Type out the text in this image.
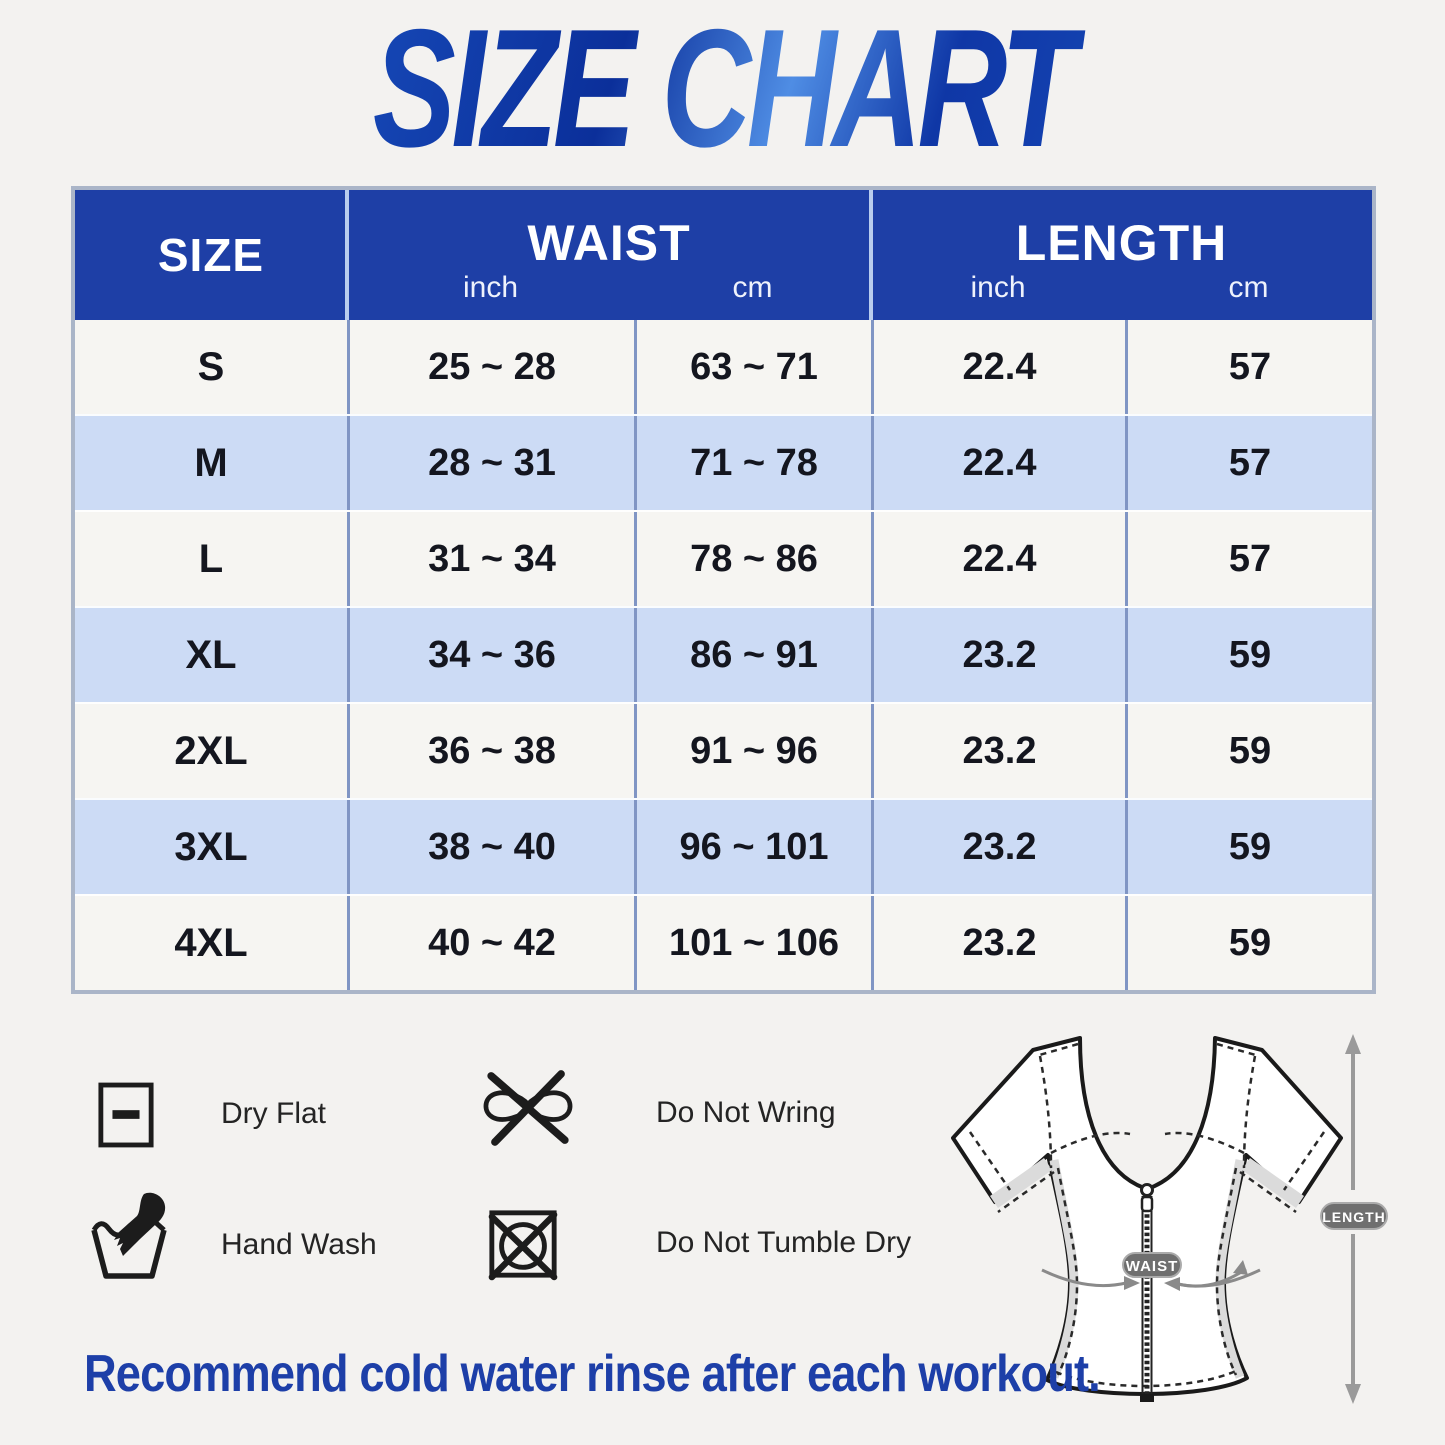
SIZE CHART
SIZE	WAIST	LENGTH
inch	cm	inch	cm
S	25 ~ 28	63 ~ 71	22.4	57
M	28 ~ 31	71 ~ 78	22.4	57
L	31 ~ 34	78 ~ 86	22.4	57
XL	34 ~ 36	86 ~ 91	23.2	59
2XL	36 ~ 38	91 ~ 96	23.2	59
3XL	38 ~ 40	96 ~ 101	23.2	59
4XL	40 ~ 42	101 ~ 106	23.2	59
Dry Flat	Do Not Wring
Hand Wash	Do Not Tumble Dry
WAIST
LENGTH
Recommend cold water rinse after each workout.
